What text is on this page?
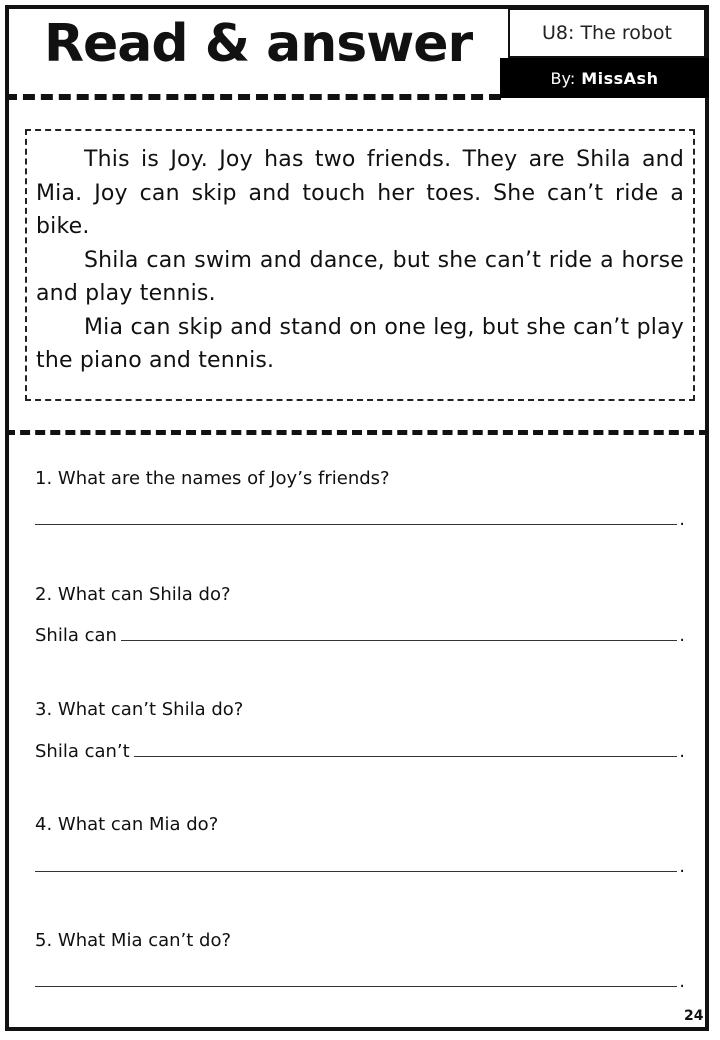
Read & answer	U8: The robot
By: MissAsh

This is Joy. Joy has two friends. They are Shila and Mia. Joy can skip and touch her toes. She can’t ride a bike.

Shila can swim and dance, but she can’t ride a horse and play tennis.

Mia can skip and stand on one leg, but she can’t play the piano and tennis.

1. What are the names of Joy’s friends?
.
2. What can Shila do?
Shila can	.
3. What can’t Shila do?
Shila can’t	.
4. What can Mia do?
.
5. What Mia can’t do?
.
24
